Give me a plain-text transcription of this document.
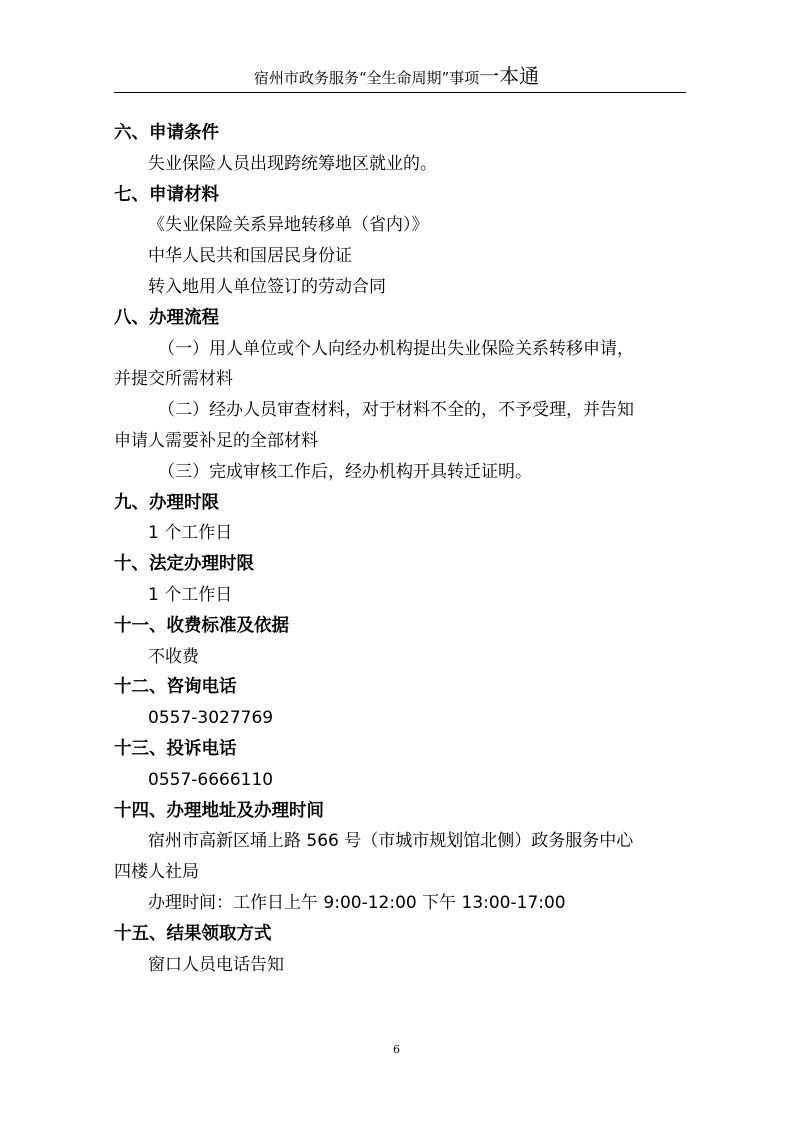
宿州市政务服务“全生命周期”事项一本通
六、申请条件
失业保险人员出现跨统筹地区就业的。
七、申请材料
《失业保险关系异地转移单（省内）》
中华人民共和国居民身份证
转入地用人单位签订的劳动合同
八、办理流程
（一）用人单位或个人向经办机构提出失业保险关系转移申请，
并提交所需材料
（二）经办人员审查材料，对于材料不全的，不予受理，并告知
申请人需要补足的全部材料
（三）完成审核工作后，经办机构开具转迁证明。
九、办理时限
1 个工作日
十、法定办理时限
1 个工作日
十一、收费标准及依据
不收费
十二、咨询电话
0557-3027769
十三、投诉电话
0557-6666110
十四、办理地址及办理时间
宿州市高新区埇上路 566 号（市城市规划馆北侧）政务服务中心
四楼人社局
办理时间：工作日上午 9:00-12:00 下午 13:00-17:00
十五、结果领取方式
窗口人员电话告知
6
